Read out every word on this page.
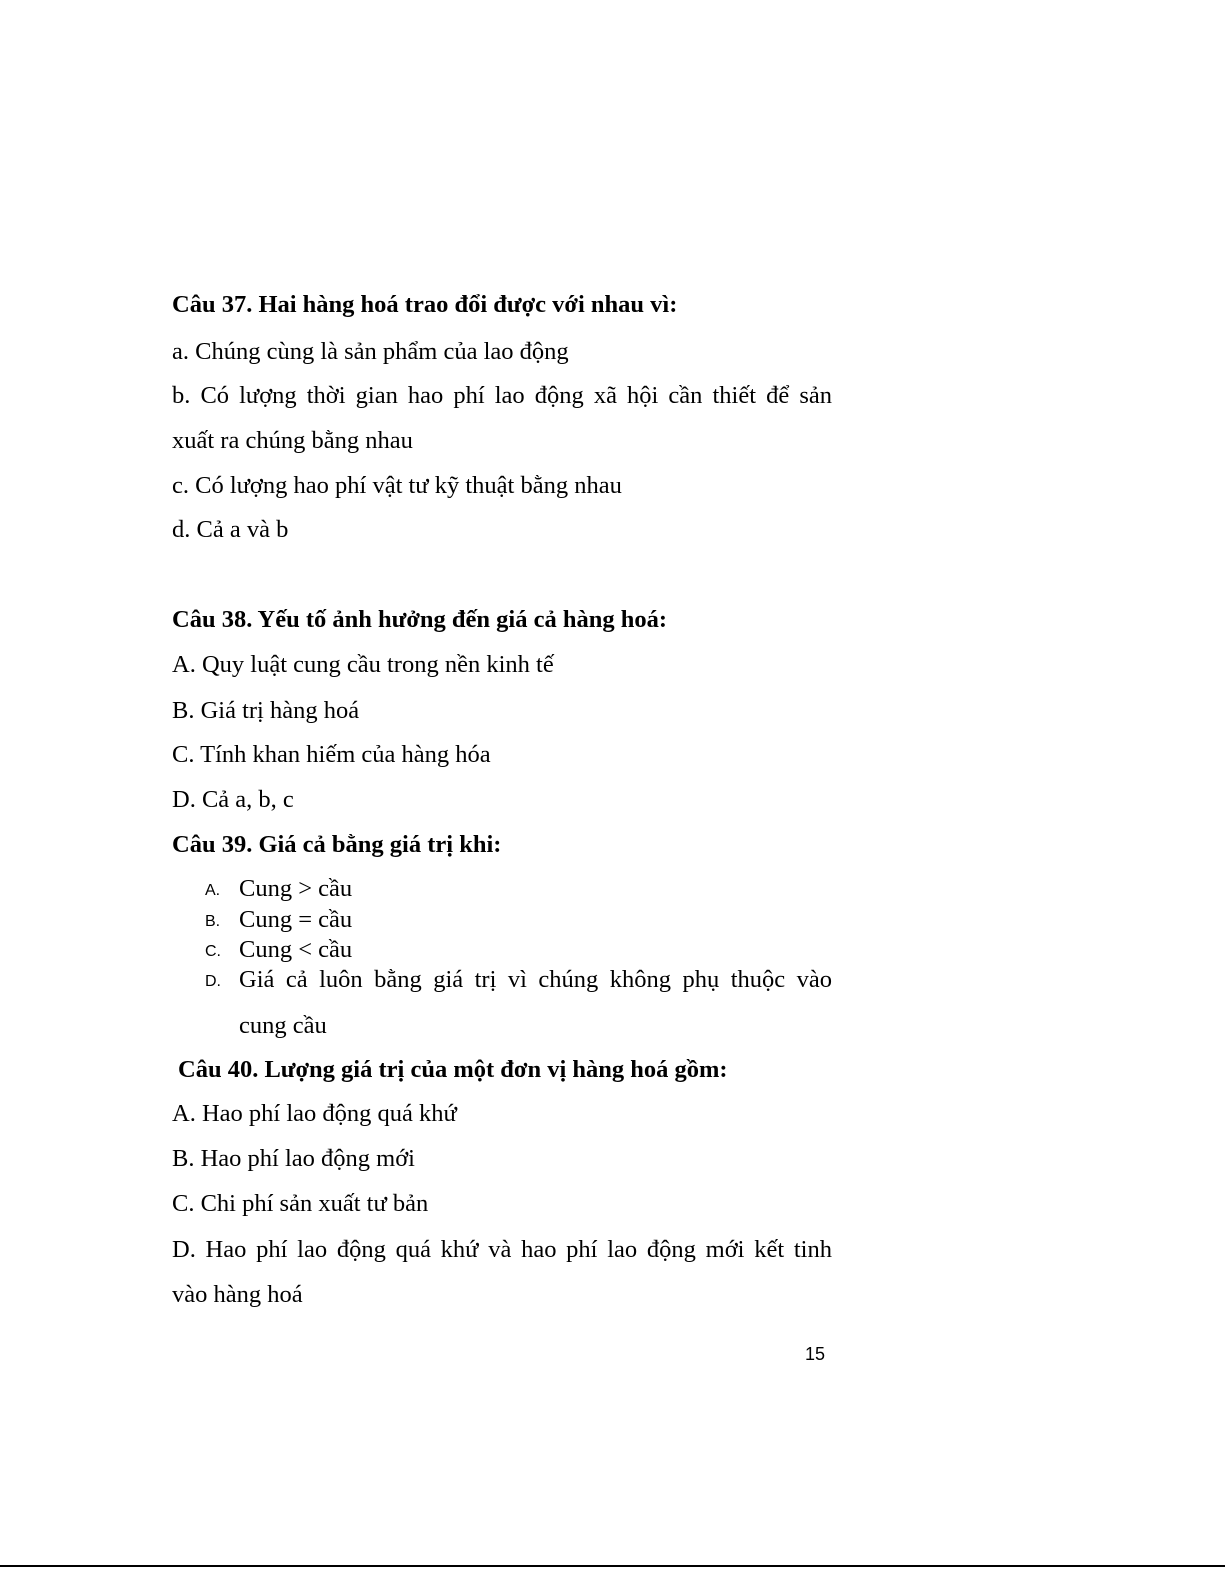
Câu 37. Hai hàng hoá trao đổi được với nhau vì:
a. Chúng cùng là sản phẩm của lao động
b. Có lượng thời gian hao phí lao động xã hội cần thiết để sản
xuất ra chúng bằng nhau
c. Có lượng hao phí vật tư kỹ thuật bằng nhau
d. Cả a và b
Câu 38. Yếu tố ảnh hưởng đến giá cả hàng hoá:
A. Quy luật cung cầu trong nền kinh tế
B. Giá trị hàng hoá
C. Tính khan hiếm của hàng hóa
D. Cả a, b, c
Câu 39. Giá cả bằng giá trị khi:
A. Cung > cầu
B. Cung = cầu
C. Cung < cầu
D. Giá cả luôn bằng giá trị vì chúng không phụ thuộc vào
cung cầu
Câu 40. Lượng giá trị của một đơn vị hàng hoá gồm:
A. Hao phí lao động quá khứ
B. Hao phí lao động mới
C. Chi phí sản xuất tư bản
D. Hao phí lao động quá khứ và hao phí lao động mới kết tinh
vào hàng hoá
15
